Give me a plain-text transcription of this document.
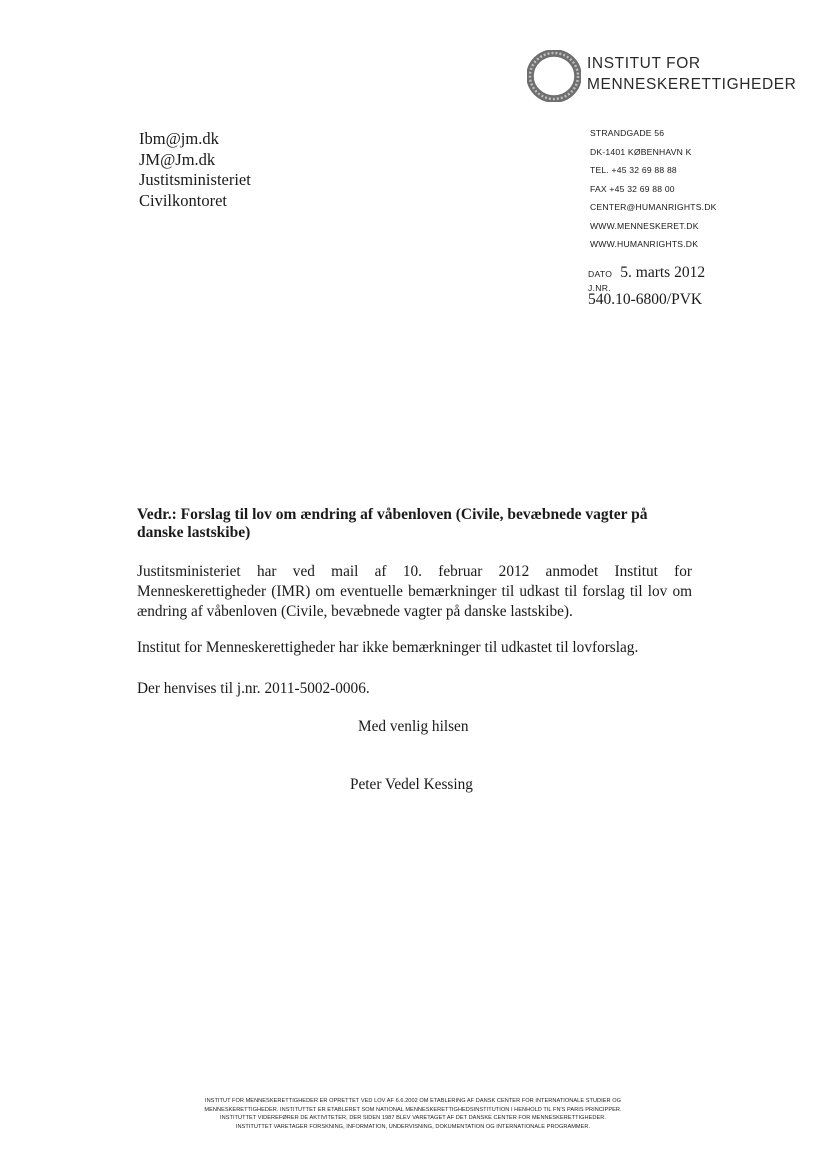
INSTITUT FOR
MENNESKERETTIGHEDER
Ibm@jm.dk
JM@Jm.dk
Justitsministeriet
Civilkontoret
STRANDGADE 56
DK-1401 KØBENHAVN K
TEL. +45 32 69 88 88
FAX +45 32 69 88 00
CENTER@HUMANRIGHTS.DK
WWW.MENNESKERET.DK
WWW.HUMANRIGHTS.DK
DATO 5. marts 2012
J.NR.
540.10-6800/PVK
Vedr.: Forslag til lov om ændring af våbenloven (Civile, bevæbnede vagter på danske lastskibe)
Justitsministeriet har ved mail af 10. februar 2012 anmodet Institut for Menneskerettigheder (IMR) om eventuelle bemærkninger til udkast til forslag til lov om ændring af våbenloven (Civile, bevæbnede vagter på danske lastskibe).
Institut for Menneskerettigheder har ikke bemærkninger til udkastet til lovforslag.
Der henvises til j.nr. 2011-5002-0006.
Med venlig hilsen
Peter Vedel Kessing
INSTITUT FOR MENNESKERETTIGHEDER ER OPRETTET VED LOV AF 6.6.2002 OM ETABLERING AF DANSK CENTER FOR INTERNATIONALE STUDIER OG
MENNESKERETTIGHEDER. INSTITUTTET ER ETABLERET SOM NATIONAL MENNESKERETTIGHEDSINSTITUTION I HENHOLD TIL FN'S PARIS PRINCIPPER.
INSTITUTTET VIDEREFØRER DE AKTIVITETER, DER SIDEN 1987 BLEV VARETAGET AF DET DANSKE CENTER FOR MENNESKERETTIGHEDER.
INSTITUTTET VARETAGER FORSKNING, INFORMATION, UNDERVISNING, DOKUMENTATION OG INTERNATIONALE PROGRAMMER.
